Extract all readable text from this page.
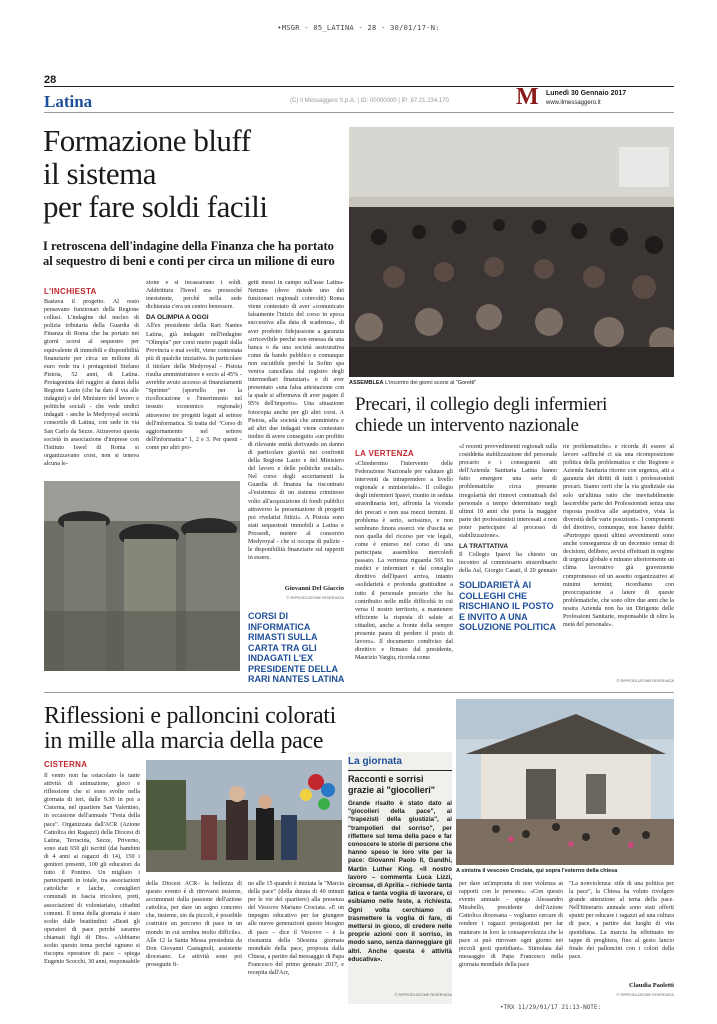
•MSGR - 05_LATINA - 28 - 30/01/17-N:
28
Latina	(C) Il Messaggero S.p.A. | ID: 00000000 | IP: 87.21.234.170	M Lunedì 30 Gennaio 2017
www.ilmessaggero.it
Formazione bluff
il sistema
per fare soldi facili
I retroscena dell'indagine della Finanza che ha portato al sequestro di beni e conti per circa un milione di euro
L'INCHIESTA
Bastava il progetto. Al resto pensavano funzionari della Regione collusi. L'indagine del nucleo di polizia tributaria della Guardia di Finanza di Roma che ha portato nei giorni scorsi al sequestro per equivalente di immobili e disponibilità finanziarie per circa un milione di euro vede tra i protagonisti Stefano Pistoia, 52 anni, di Latina. Protagonista del raggiro ai danni della Regione Lazio (che ha dato il via alle indagini) e del Ministero del lavoro e politiche sociali - che vede undici indagati - anche la Medyroyal società consortile di Latina, con sede in via San Carlo da Sezze. Attraverso questa società in associazione d'imprese con l'Istituto Iswel di Roma si organizzavano corsi, non si teneva alcuna le-
zione e si incassavano i soldi. Addirittura l'Iswel era pressoché inesistente, perché nella sede dichiarata c'era un centro benessere.
DA OLIMPIA A OGGI
All'ex presidente della Rari Nantes Latina, già indagato nell'indagine "Olimpia" per corsi nuoto pagati dalla Provincia e mai svolti, viene contestata più di qualche iniziativa. In particolare il titolare della Medyroyal - Pistoia risulta amministratore e socio al 45% - avrebbe avuto accesso ai finanziamenti "Sprinter" (sportello per la ricollocazione e l'inserimento nel tessuto economico regionale) attraverso tre progetti legati al settore dell'informatica. Si tratta del "Corso di aggiornamento nel settore dell'informatica" 1, 2 e 3. Per questi - come per altri pro-
getti messi in campo sull'asse Latina-Nettuno (dove risiede uno dei funzionari regionali coinvolti) Roma viene contestato di aver «comunicato falsamente l'inizio del corso in epoca successiva alla data di scadenza», di aver prodotto fidejussione a garanzia «irricevibile perché non emessa da una banca o da una società assicurativa come da bando pubblico e comunque non escutibile perché la Sofim spa veniva cancellata dal registro degli intermediari finanziari» e di aver presentato «una falsa attestazione con la quale si affermava di aver pagato il 95% dell'importo». Una situazione fotocopia anche per gli altri corsi. A Pistoia, alla società che amministra e ad altri due indagati viene contestato inoltre di avere conseguito «un profitto di rilevante entità derivando un danno di particolare gravità nei confronti della Regione Lazio e del Ministero del lavoro e delle politiche sociali». Nel corso degli accertamenti la Guardia di finanza ha riscontrato «l'esistenza di un sistema criminoso volto all'acquisizione di fondi pubblici attraverso la presentazione di progetti poi rivelatisi fittizi». A Pistoia sono stati sequestrati immobili a Latina e Prossedi, mentre al consorzio Medyroyal - che si occupa di pulizie - le disponibilità finanziarie sul rapporti in essere.
Giovanni Del Giaccio
© RIPRODUZIONE RISERVATA
CORSI DI INFORMATICA RIMASTI SULLA CARTA TRA GLI INDAGATI L'EX PRESIDENTE DELLA RARI NANTES LATINA
ASSEMBLEA L'incontro dei giorni scorsi al "Goretti"
Precari, il collegio degli infermieri
chiede un intervento nazionale
LA VERTENZA
«Chiederemo l'intervento delle Federazione Nazionale per valutare gli interventi da intraprendere a livello regionale e ministeriale». Il collegio degli infermieri Ipasvi, riunito in seduta straordinaria ieri, affronta la vicenda dei precari e non usa mezzi termini. Il problema è serio, serissimo, e non sembrano finora esserci vie d'uscita se non quella del ricorso per vie legali, come è emerso nel corso di una partecipata assemblea mercoledì passato. La vertenza riguarda 565 tra medici e infermieri e dal consiglio direttivo dell'Ipasvi arriva, intanto «solidarietà e profonda gratitudine a tutto il personale precario che ha contribuito nelle mille difficoltà in cui versa il nostro territorio, a mantenere efficiente la risposta di salute ai cittadini, anche a fronte della sempre presente paura di perdere il posto di lavoro». Il documento condiviso dal direttivo e firmato dal presidente, Maurizio Vargiu, ricorda come
«I recenti provvedimenti regionali sulla cosiddetta stabilizzazione del personale precario e i conseguenti atti dell'Azienda Sanitaria Latina hanno fatto emergere una serie di problematiche circa presunte irregolarità dei rinnovi contrattuali del personale a tempo determinato negli ultimi 10 anni che porta la maggior parte dei professionisti interessati a non poter partecipare al processo di stabilizzazione».
LA TRATTATIVA
Il Collegio Ipasvi ha chiesto un incontro al commissario straordinario della Asl, Giorgio Casati, il 20 gennaio
SOLIDARIETÀ AI COLLEGHI CHE RISCHIANO IL POSTO E INVITO A UNA SOLUZIONE POLITICA
rie problematiche» e ricorda di essere al lavoro «affinché ci sia una ricomposizione politica della problematica e che Regione e Azienda Sanitaria ritorno con urgenza, atti a garanzia dei diritti di tutti i professionisti precari. Siamo certi che la via giudiziale sia solo un'ultima ratio che inevitabilmente lascerebbe parte dei Professionisti senza una risposta positiva alle aspettative, vista la diversità delle varie posizioni». I componenti del direttivo, comunque, non hanno dubbi: «Purtroppo questi ultimi avvenimenti sono anche conseguenza di un decennio ormai di decisioni, delibere, avvisi effettuati in regime di urgenza globale e minano ulteriormente un clima lavorativo già gravemente compromesso ed un assetto organizzativo ai minimi termini; ricordiamo con preoccupazione a latere di queste problematiche, che sono oltre due anni che la nostra Azienda non ha un Dirigente delle Professioni Sanitarie, responsabile di oltre la metà del personale».
© RIPRODUZIONE RISERVATA
Riflessioni e palloncini colorati
in mille alla marcia della pace
CISTERNA
Il vento non ha ostacolato le tante attività di animazione, gioco e riflessione che si sono svolte nella giornata di ieri, dalle 9.30 in poi a Cisterna, nel quartiere San Valentino, in occasione dell'annuale "Festa della pace". Organizzata dall'ACR (Azione Cattolica dei Ragazzi) della Diocesi di Latina, Terracina, Sezze, Priverno, sono stati 650 gli iscritti (dai bambini di 4 anni ai ragazzi di 14), 150 i genitori presenti, 100 gli educatori da tutto il Pontino. Un migliaio i partecipanti in totale, tra associazioni cattoliche e laiche, consiglieri comunali in fascia tricolore, preti, associazioni di volontariato, cittadini comuni. Il tema della giornata è stato scelto dalle beatitudini: «Beati gli operatori di pace perché saranno chiamati figli di Dio». «Abbiamo scelto questo tema perché ognuno si riscopra operatore di pace – spiega Eugenio Scocchi, 30 anni, responsabile
della Diocesi ACR– la bellezza di questo evento è di ritrovarsi insieme, accumunati dalla passione dell'azione cattolica, per dare un segno concreto che, insieme, sin da piccoli, è possibile costruire un percorso di pace in un mondo in cui sembra molto difficile». Alle 12 la Santa Messa presieduta da Don Giovanni Castagnoli, assistente diocesano. Le attività sono poi proseguite fi-
no alle 15 quando è iniziata la "Marcia della pace" (della durata di 40 minuti per le vie del quartiere) alla presenza del Vescovo Mariano Crociata. «È un impegno educativo per far giungere alle nuove generazioni questo bisogno di pace – dice il Vescovo – è la risonanza della 50esima giornata mondiale della pace, proposta dalla Chiesa, a partire dal messaggio di Papa Francesco del primo gennaio 2017, e recepita dall'Acr,
La giornata
Racconti e sorrisi grazie ai "giocolieri"
Grande risalto è stato dato ai "giocolieri della pace", ai "trapezisti della giustizia", ai "trampolieri del sorriso", per riflettere sul tema della pace e far conoscere le storie di persone che hanno speso le loro vite per la pace: Giovanni Paolo II, Gandhi, Martin Luther King. «Il nostro lavoro – commenta Luca Lizzi, circense, di Aprilia – richiede tanta fatica e tanta voglia di lavorare, ci esibiamo nelle feste, a richiesta. Ogni volta cerchiamo di trasmettere la voglia di fare, di mettersi in gioco, di credere nelle proprie azioni con il sorriso, in modo sano, senza danneggiare gli altri. Anche questa è attività educativa».
© RIPRODUZIONE RISERVATA
A sinistra il vescovo Crociata, qui sopra l'esterno della chiesa
per dare un'impronta di non violenza ai rapporti con le persone». «Con questo evento annuale – spiega Alessandro Mirabello, presidente dell'Azione Cattolica diocesana – vogliamo cercare di rendere i ragazzi protagonisti per far maturare in loro la consapevolezza che la pace si può ritrovare ogni giorno nei piccoli gesti quotidiani». Stimolata dal messaggio di Papa Francesco nella giornata mondiale della pace
"La nonviolenza: stile di una politica per la pace", la Chiesa ha voluto rivolgere grande attenzione al tema della pace. Nell'itinerario annuale sono stati offerti spunti per educare i ragazzi ad una cultura di pace, a partire dai luoghi di vita quotidiana. La marcia ha effettuato tre tappe di preghiera, fino al gesto lancio finale dei palloncini con i colori della pace.
Claudia Paoletti
© RIPRODUZIONE RISERVATA
•TRX 11/29/01/17 21:13-NOTE:
